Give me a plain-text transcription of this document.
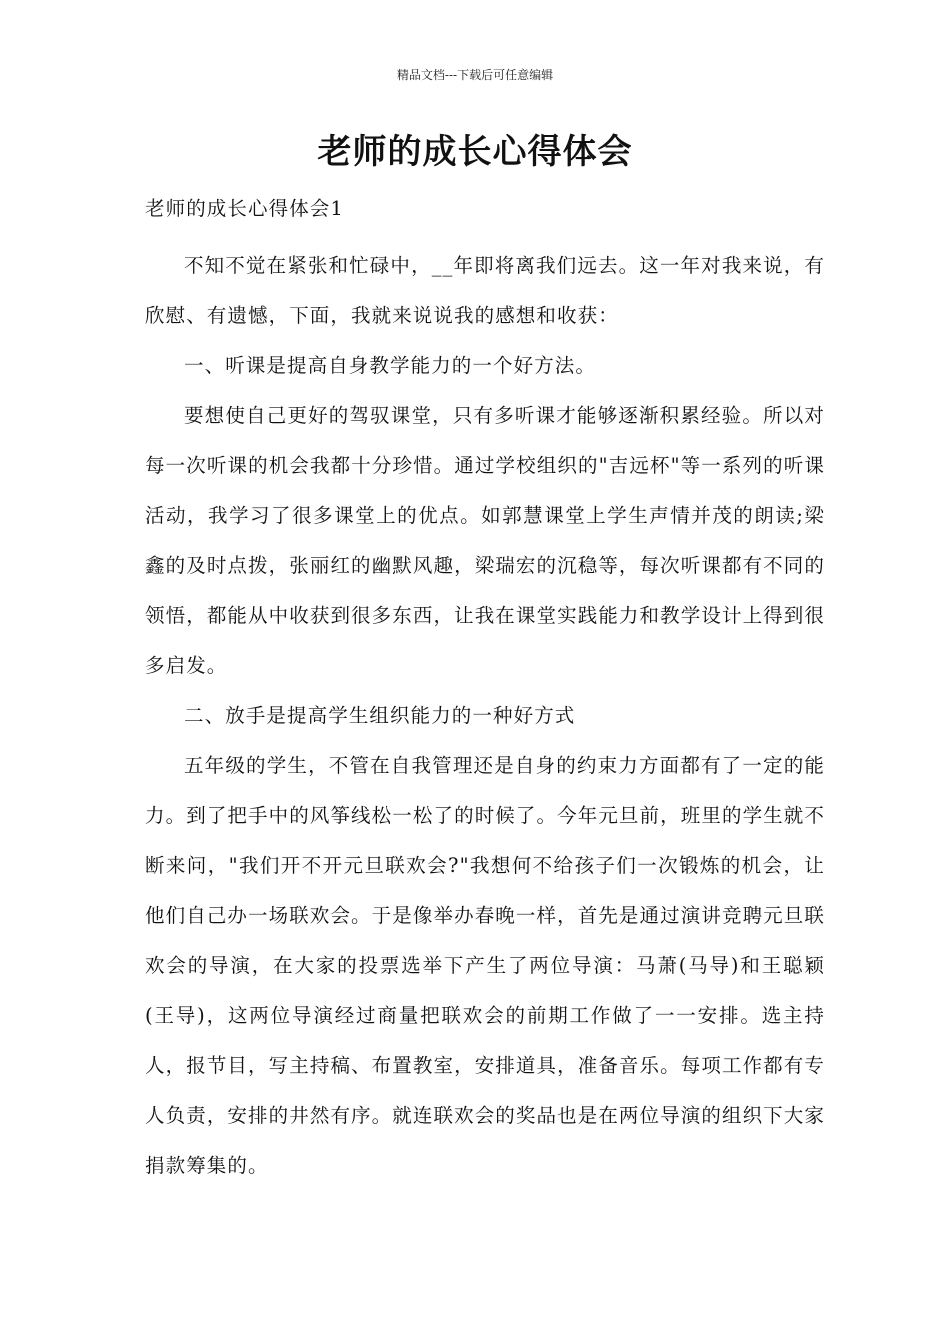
精品文档---下载后可任意编辑
老师的成长心得体会

老师的成长心得体会1

不知不觉在紧张和忙碌中，__年即将离我们远去。这一年对我来说，有欣慰、有遗憾，下面，我就来说说我的感想和收获：

一、听课是提高自身教学能力的一个好方法。

要想使自己更好的驾驭课堂，只有多听课才能够逐渐积累经验。所以对每一次听课的机会我都十分珍惜。通过学校组织的"吉远杯"等一系列的听课活动，我学习了很多课堂上的优点。如郭慧课堂上学生声情并茂的朗读;梁鑫的及时点拨，张丽红的幽默风趣，梁瑞宏的沉稳等，每次听课都有不同的领悟，都能从中收获到很多东西，让我在课堂实践能力和教学设计上得到很多启发。

二、放手是提高学生组织能力的一种好方式

五年级的学生，不管在自我管理还是自身的约束力方面都有了一定的能力。到了把手中的风筝线松一松了的时候了。今年元旦前，班里的学生就不断来问，"我们开不开元旦联欢会?"我想何不给孩子们一次锻炼的机会，让他们自己办一场联欢会。于是像举办春晚一样，首先是通过演讲竞聘元旦联欢会的导演，在大家的投票选举下产生了两位导演：马萧(马导)和王聪颖(王导)，这两位导演经过商量把联欢会的前期工作做了一一安排。选主持人，报节目，写主持稿、布置教室，安排道具，准备音乐。每项工作都有专人负责，安排的井然有序。就连联欢会的奖品也是在两位导演的组织下大家捐款筹集的。
